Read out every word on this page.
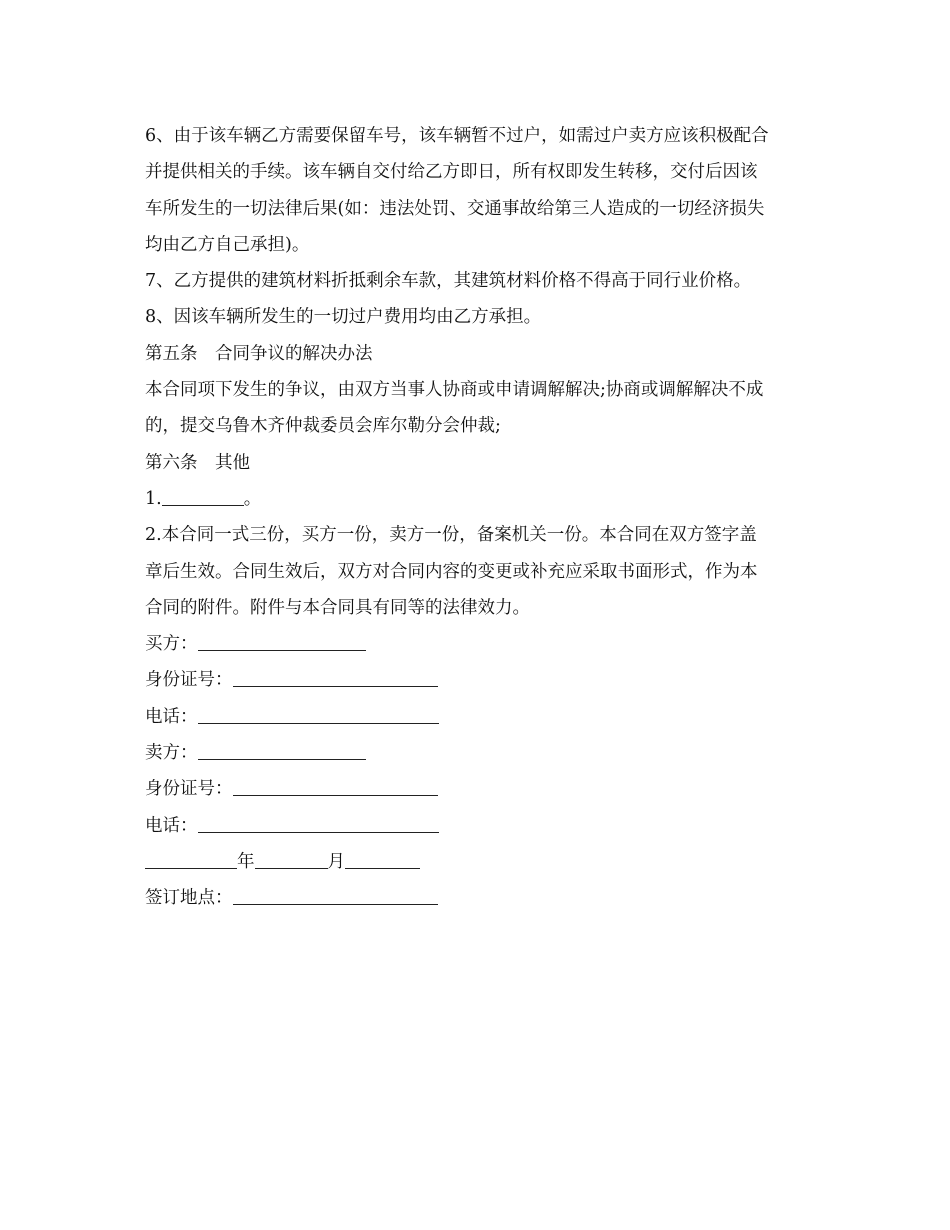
6、由于该车辆乙方需要保留车号，该车辆暂不过户，如需过户卖方应该积极配合
并提供相关的手续。该车辆自交付给乙方即日，所有权即发生转移，交付后因该
车所发生的一切法律后果(如：违法处罚、交通事故给第三人造成的一切经济损失
均由乙方自己承担)。
7、乙方提供的建筑材料折抵剩余车款，其建筑材料价格不得高于同行业价格。
8、因该车辆所发生的一切过户费用均由乙方承担。
第五条　合同争议的解决办法
本合同项下发生的争议，由双方当事人协商或申请调解解决;协商或调解解决不成
的，提交乌鲁木齐仲裁委员会库尔勒分会仲裁;
第六条　其他
1.	。
2.本合同一式三份，买方一份，卖方一份，备案机关一份。本合同在双方签字盖
章后生效。合同生效后，双方对合同内容的变更或补充应采取书面形式，作为本
合同的附件。附件与本合同具有同等的法律效力。
买方：
身份证号：
电话：
卖方：
身份证号：
电话：
年	月
签订地点：
